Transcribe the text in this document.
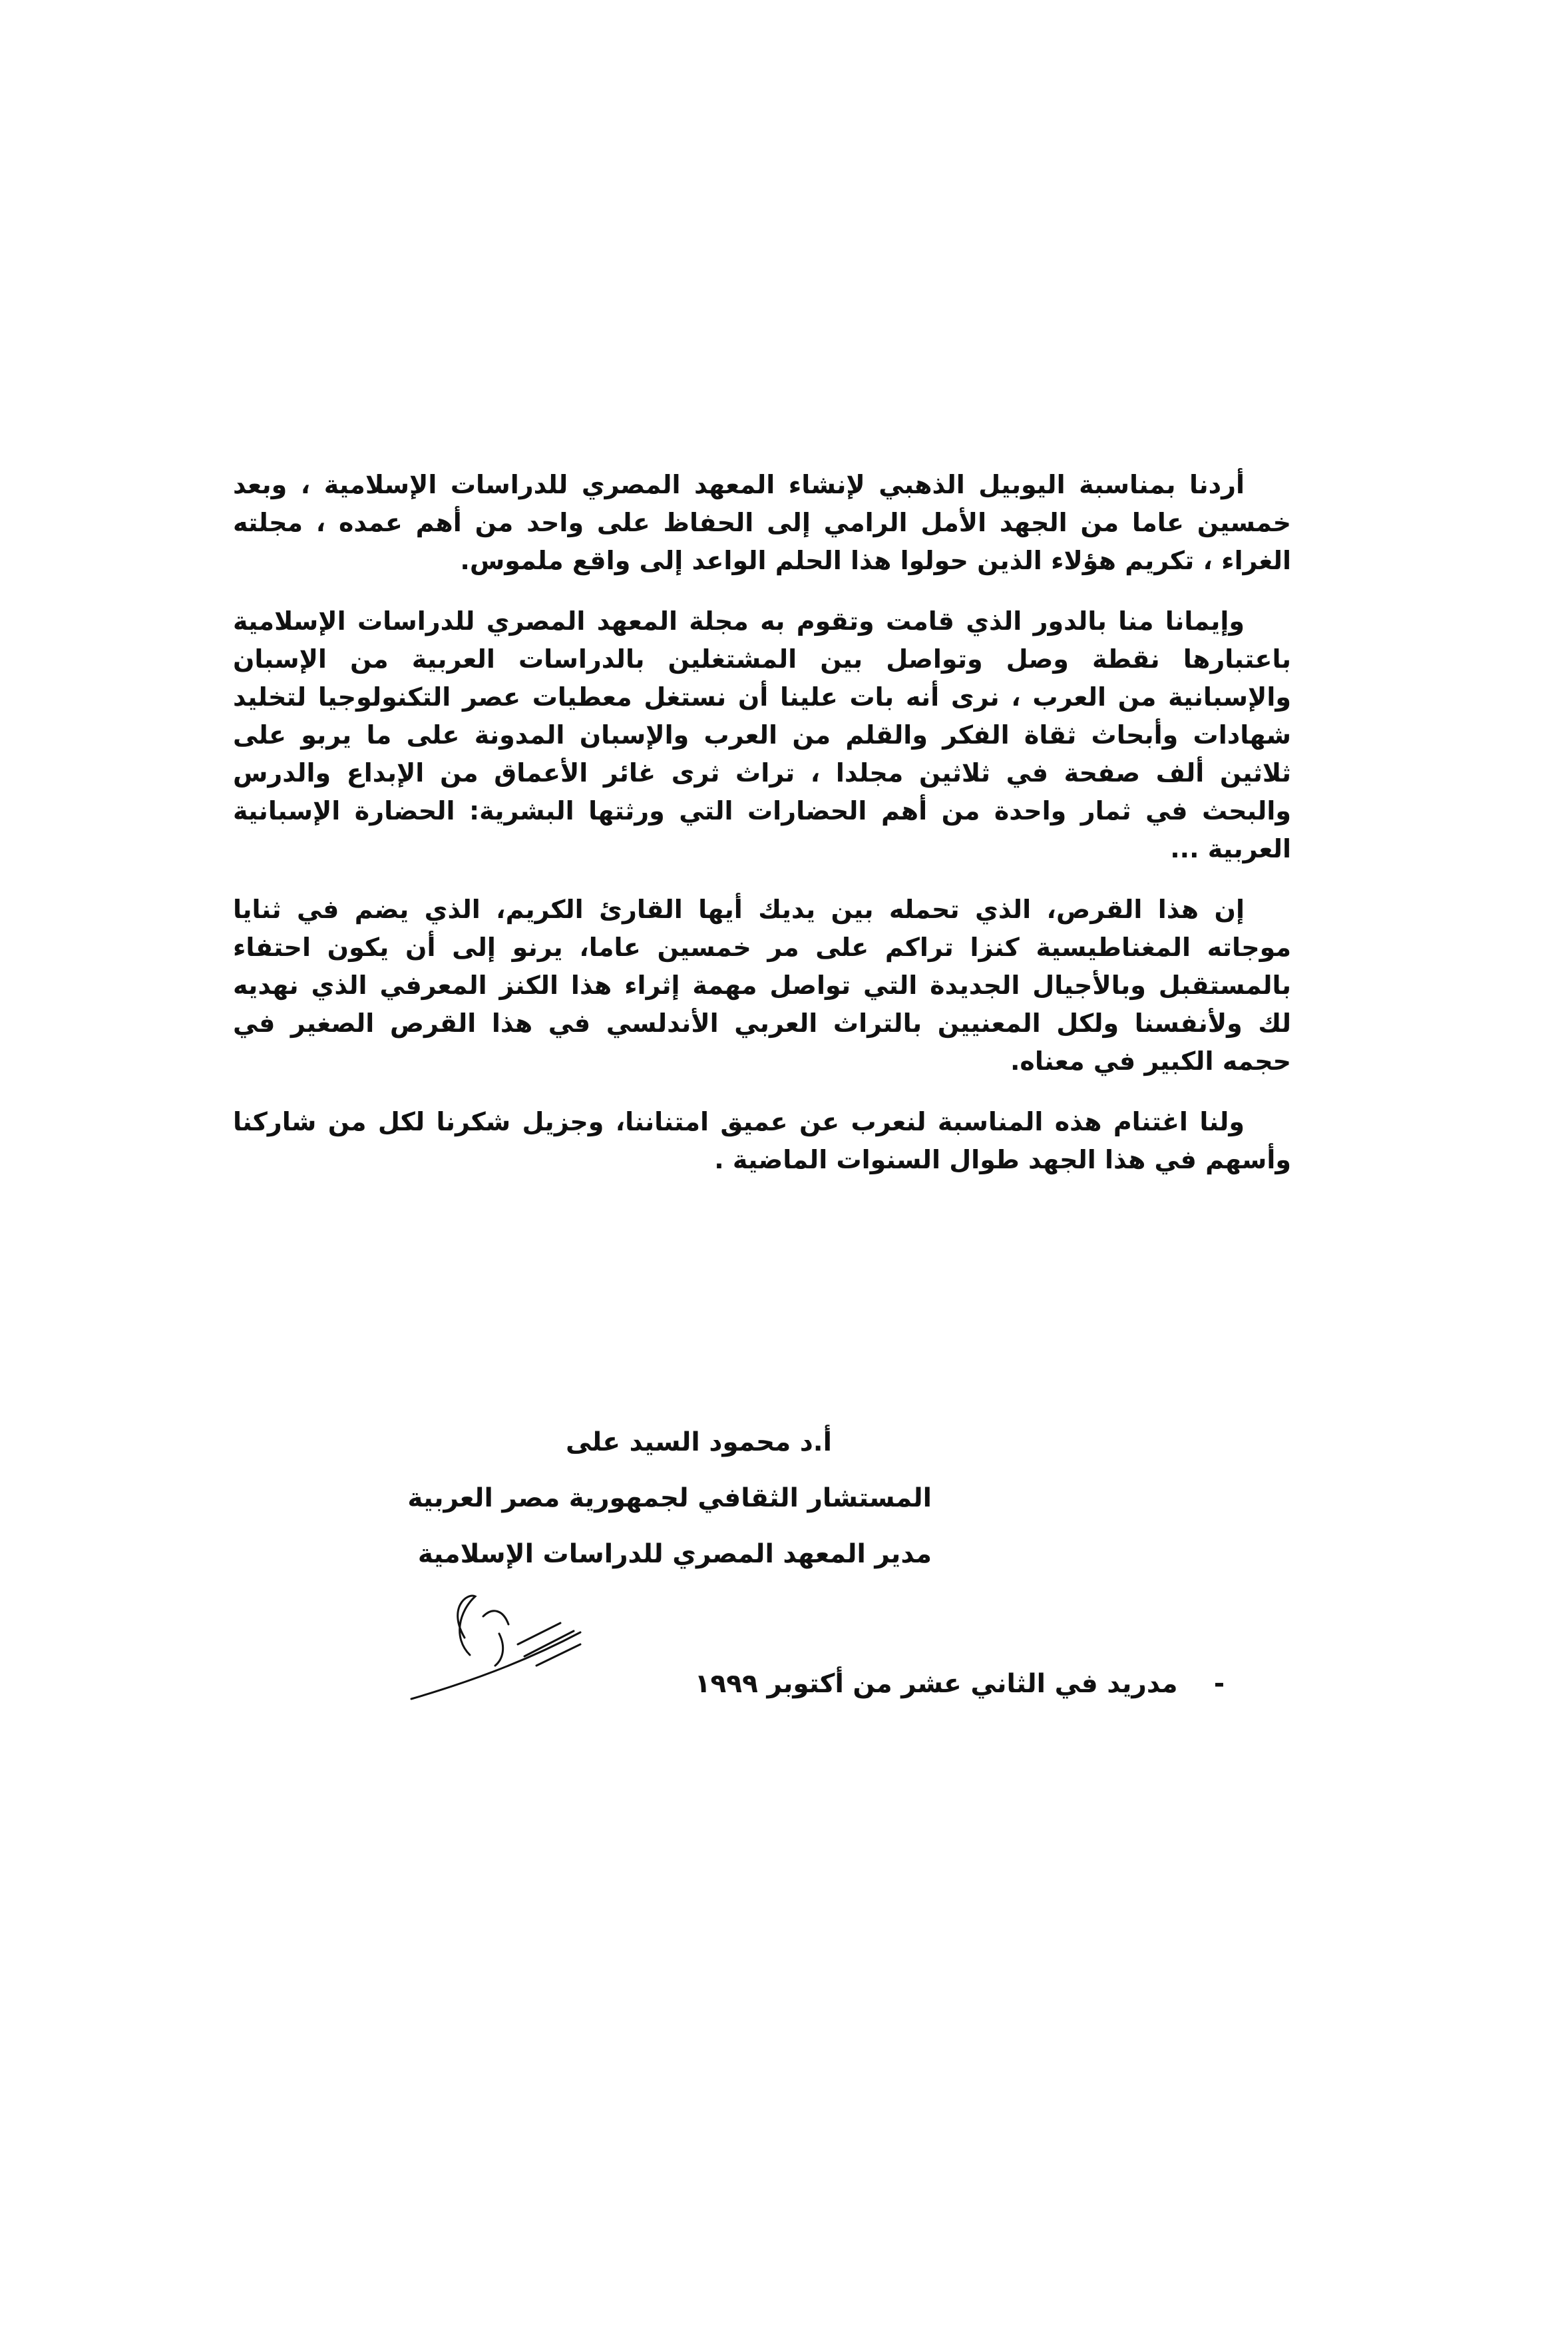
أردنا بمناسبة اليوبيل الذهبي لإنشاء المعهد المصري للدراسات الإسلامية ، وبعد خمسين عاما من الجهد الأمل الرامي إلى الحفاظ على واحد من أهم عمده ، مجلته الغراء ، تكريم هؤلاء الذين حولوا هذا الحلم الواعد إلى واقع ملموس.

وإيمانا منا بالدور الذي قامت وتقوم به مجلة المعهد المصري للدراسات الإسلامية باعتبارها نقطة وصل وتواصل بين المشتغلين بالدراسات العربية من الإسبان والإسبانية من العرب ، نرى أنه بات علينا أن نستغل معطيات عصر التكنولوجيا لتخليد شهادات وأبحاث ثقاة الفكر والقلم من العرب والإسبان المدونة على ما يربو على ثلاثين ألف صفحة في ثلاثين مجلدا ، تراث ثرى غائر الأعماق من الإبداع والدرس والبحث في ثمار واحدة من أهم الحضارات التي ورثتها البشرية: الحضارة الإسبانية العربية ...

إن هذا القرص، الذي تحمله بين يديك أيها القارئ الكريم، الذي يضم في ثنايا موجاته المغناطيسية كنزا تراكم على مر خمسين عاما، يرنو إلى أن يكون احتفاء بالمستقبل وبالأجيال الجديدة التي تواصل مهمة إثراء هذا الكنز المعرفي الذي نهديه لك ولأنفسنا ولكل المعنيين بالتراث العربي الأندلسي في هذا القرص الصغير في حجمه الكبير في معناه.

ولنا اغتنام هذه المناسبة لنعرب عن عميق امتناننا، وجزيل شكرنا لكل من شاركنا وأسهم في هذا الجهد طوال السنوات الماضية .

أ.د محمود السيد على
المستشار الثقافي لجمهورية مصر العربية
مدير المعهد المصري للدراسات الإسلامية
-    مدريد في الثاني عشر من أكتوبر ١٩٩٩
